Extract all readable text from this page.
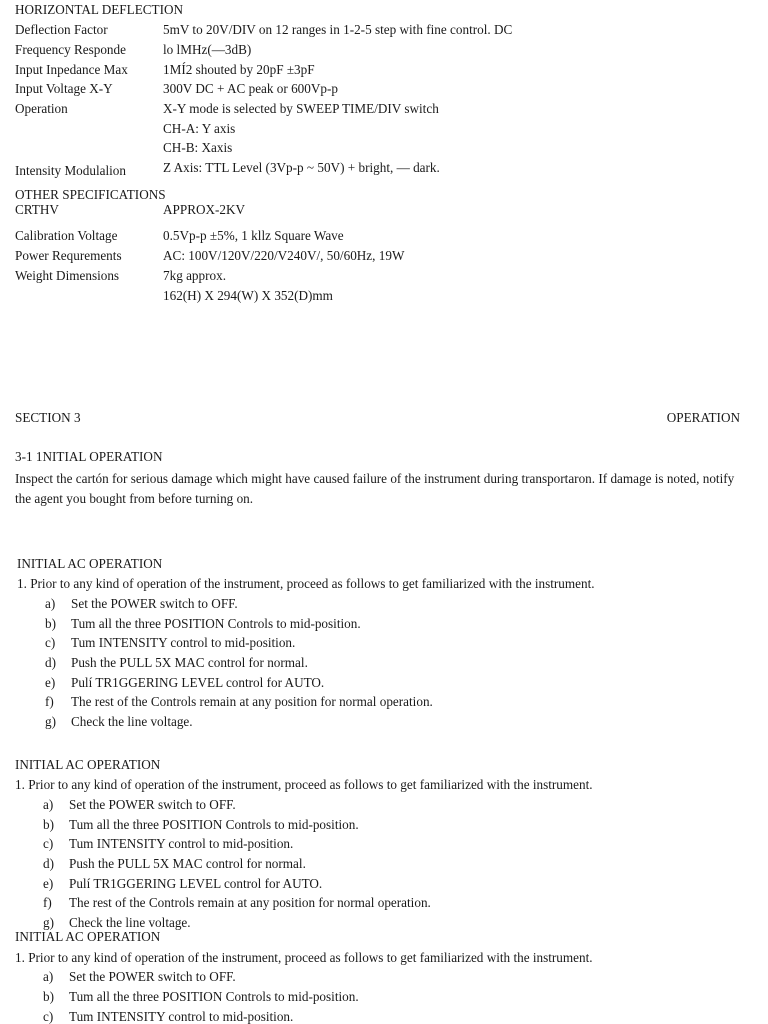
HORIZONTAL DEFLECTION
Deflection Factor	5mV to 20V/DIV on 12 ranges in 1-2-5 step with fine control. DC
Frequency Responde	lo lMHz(—3dB)
Input Inpedance Max	1MÍ2 shouted by 20pF ±3pF
Input Voltage X-Y	300V DC + AC peak or 600Vp-p
Operation	X-Y mode is selected by SWEEP TIME/DIV switch
CH-A: Y axis
CH-B: Xaxis
Intensity Modulalion	Z Axis: TTL Level (3Vp-p ~ 50V) + bright, — dark.
OTHER SPECIFICATIONS
CRTHV	APPROX-2KV
Calibration Voltage	0.5Vp-p ±5%, 1 kllz Square Wave
Power Requrements	AC: 100V/120V/220/V240V/, 50/60Hz, 19W
Weight Dimensions	7kg approx.
162(H) X 294(W) X 352(D)mm
SECTION 3	OPERATION
3-1 1NITIAL OPERATION
Inspect the cartón for serious damage which might have caused failure of the instrument during transportaron. If damage is noted, notify the agent you bought from before turning on.
INITIAL AC OPERATION
1. Prior to any kind of operation of the instrument, proceed as follows to get familiarized with the instrument.
a) Set the POWER switch to OFF.
b) Tum all the three POSITION Controls to mid-position.
c) Tum INTENSITY control to mid-position.
d) Push the PULL 5X MAC control for normal.
e) Pulí TR1GGERING LEVEL control for AUTO.
f) The rest of the Controls remain at any position for normal operation.
g) Check the line voltage.
INITIAL AC OPERATION
1. Prior to any kind of operation of the instrument, proceed as follows to get familiarized with the instrument.
a) Set the POWER switch to OFF.
b) Tum all the three POSITION Controls to mid-position.
c) Tum INTENSITY control to mid-position.
d) Push the PULL 5X MAC control for normal.
e) Pulí TR1GGERING LEVEL control for AUTO.
f) The rest of the Controls remain at any position for normal operation.
g) Check the line voltage.
INITIAL AC OPERATION
1. Prior to any kind of operation of the instrument, proceed as follows to get familiarized with the instrument.
a) Set the POWER switch to OFF.
b) Tum all the three POSITION Controls to mid-position.
c) Tum INTENSITY control to mid-position.
